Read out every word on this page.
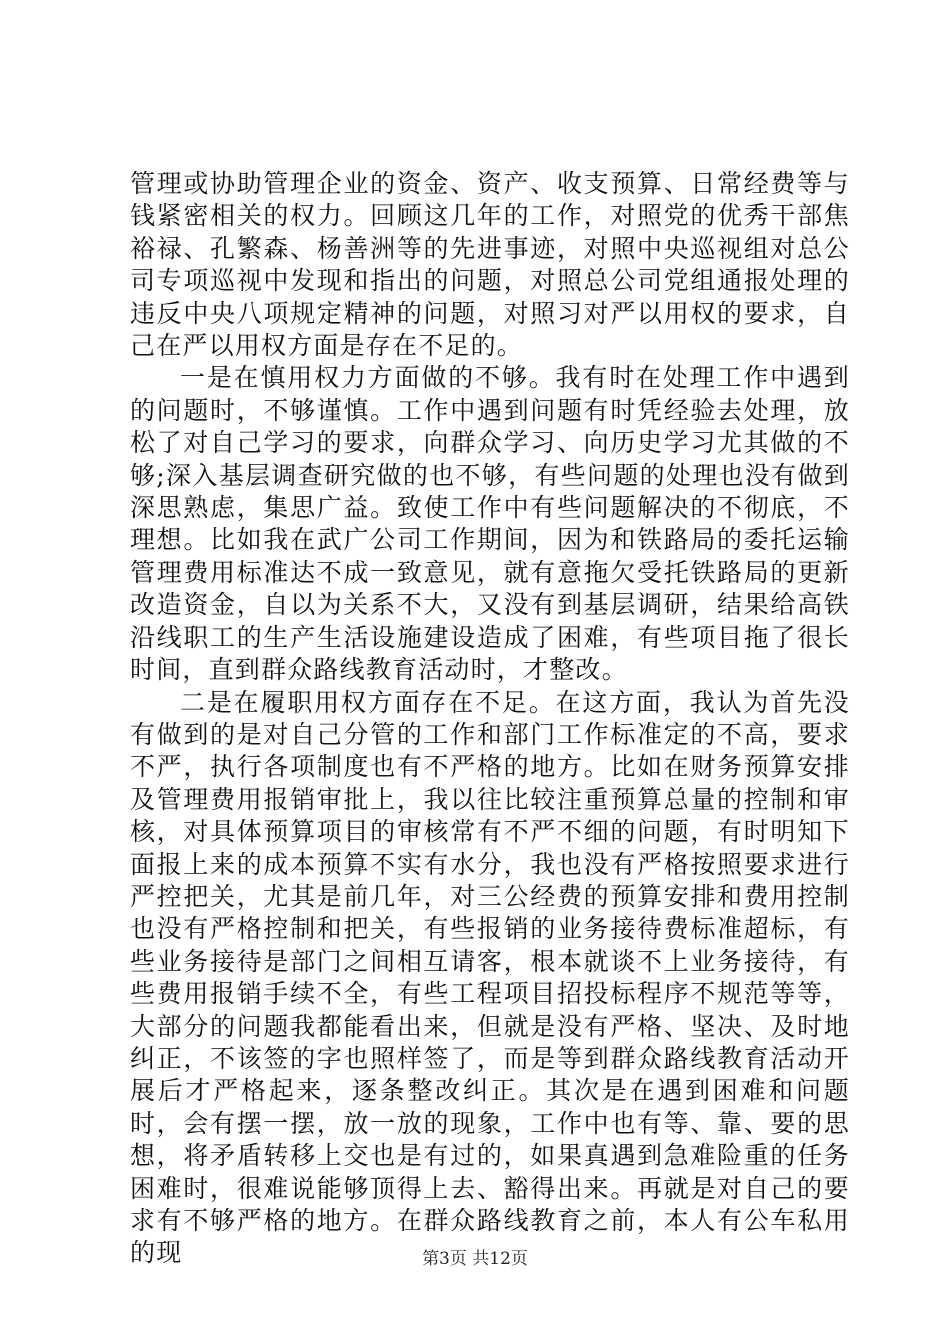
管理或协助管理企业的资金、资产、收支预算、日常经费等与钱紧密相关的权力。回顾这几年的工作，对照党的优秀干部焦裕禄、孔繁森、杨善洲等的先进事迹，对照中央巡视组对总公司专项巡视中发现和指出的问题，对照总公司党组通报处理的违反中央八项规定精神的问题，对照习对严以用权的要求，自己在严以用权方面是存在不足的。

一是在慎用权力方面做的不够。我有时在处理工作中遇到的问题时，不够谨慎。工作中遇到问题有时凭经验去处理，放松了对自己学习的要求，向群众学习、向历史学习尤其做的不够;深入基层调查研究做的也不够，有些问题的处理也没有做到深思熟虑，集思广益。致使工作中有些问题解决的不彻底，不理想。比如我在武广公司工作期间，因为和铁路局的委托运输管理费用标准达不成一致意见，就有意拖欠受托铁路局的更新改造资金，自以为关系不大，又没有到基层调研，结果给高铁沿线职工的生产生活设施建设造成了困难，有些项目拖了很长时间，直到群众路线教育活动时，才整改。

二是在履职用权方面存在不足。在这方面，我认为首先没有做到的是对自己分管的工作和部门工作标准定的不高，要求不严，执行各项制度也有不严格的地方。比如在财务预算安排及管理费用报销审批上，我以往比较注重预算总量的控制和审核，对具体预算项目的审核常有不严不细的问题，有时明知下面报上来的成本预算不实有水分，我也没有严格按照要求进行严控把关，尤其是前几年，对三公经费的预算安排和费用控制也没有严格控制和把关，有些报销的业务接待费标准超标，有些业务接待是部门之间相互请客，根本就谈不上业务接待，有些费用报销手续不全，有些工程项目招投标程序不规范等等，大部分的问题我都能看出来，但就是没有严格、坚决、及时地纠正，不该签的字也照样签了，而是等到群众路线教育活动开展后才严格起来，逐条整改纠正。其次是在遇到困难和问题时，会有摆一摆，放一放的现象，工作中也有等、靠、要的思想，将矛盾转移上交也是有过的，如果真遇到急难险重的任务困难时，很难说能够顶得上去、豁得出来。再就是对自己的要求有不够严格的地方。在群众路线教育之前，本人有公车私用的现	第3页 共12页
